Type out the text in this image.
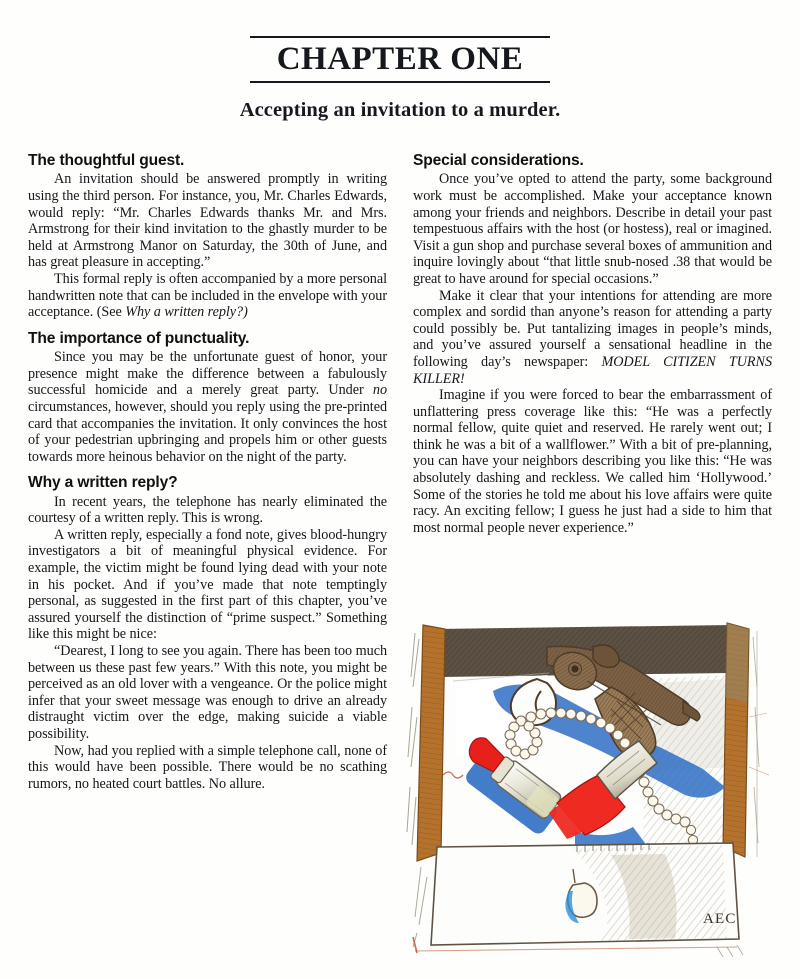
CHAPTER ONE
Accepting an invitation to a murder.
The thoughtful guest.

An invitation should be answered promptly in writing using the third person. For instance, you, Mr. Charles Edwards, would reply: “Mr. Charles Edwards thanks Mr. and Mrs. Armstrong for their kind invitation to the ghastly murder to be held at Armstrong Manor on Saturday, the 30th of June, and has great pleasure in accepting.”

This formal reply is often accompanied by a more personal handwritten note that can be included in the envelope with your acceptance. (See Why a written reply?)

The importance of punctuality.

Since you may be the unfortunate guest of honor, your presence might make the difference between a fabulously successful homicide and a merely great party. Under no circumstances, however, should you reply using the pre-printed card that accompanies the invitation. It only convinces the host of your pedestrian upbringing and propels him or other guests towards more heinous behavior on the night of the party.

Why a written reply?

In recent years, the telephone has nearly eliminated the courtesy of a written reply. This is wrong.

A written reply, especially a fond note, gives blood-hungry investigators a bit of meaningful physical evidence. For example, the victim might be found lying dead with your note in his pocket. And if you’ve made that note temptingly personal, as suggested in the first part of this chapter, you’ve assured yourself the distinction of “prime suspect.” Something like this might be nice:

“Dearest, I long to see you again. There has been too much between us these past few years.” With this note, you might be perceived as an old lover with a vengeance. Or the police might infer that your sweet message was enough to drive an already distraught victim over the edge, making suicide a viable possibility.

Now, had you replied with a simple telephone call, none of this would have been possible. There would be no scathing rumors, no heated court battles. No allure.

Special considerations.

Once you’ve opted to attend the party, some background work must be accomplished. Make your acceptance known among your friends and neighbors. Describe in detail your past tempestuous affairs with the host (or hostess), real or imagined. Visit a gun shop and purchase several boxes of ammunition and inquire lovingly about “that little snub-nosed .38 that would be great to have around for special occasions.”

Make it clear that your intentions for attending are more complex and sordid than anyone’s reason for attending a party could possibly be. Put tantalizing images in people’s minds, and you’ve assured yourself a sensational headline in the following day’s newspaper: MODEL CITIZEN TURNS KILLER!

Imagine if you were forced to bear the embarrassment of unflattering press coverage like this: “He was a perfectly normal fellow, quite quiet and reserved. He rarely went out; I think he was a bit of a wallflower.” With a bit of pre-planning, you can have your neighbors describing you like this: “He was absolutely dashing and reckless. We called him ‘Hollywood.’ Some of the stories he told me about his love affairs were quite racy. An exciting fellow; I guess he just had a side to him that most normal people never experience.”

AEC
